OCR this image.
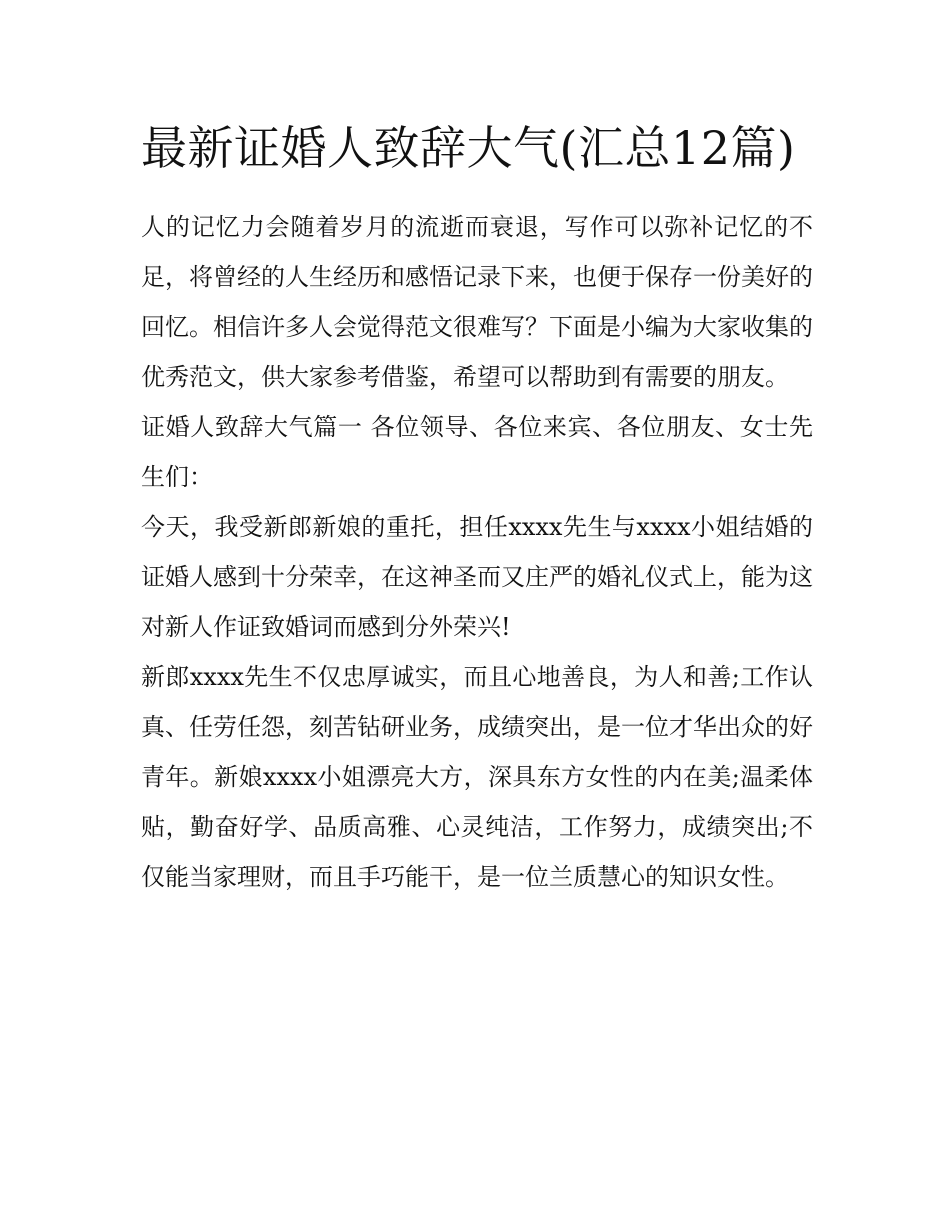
最新证婚人致辞大气(汇总12篇)

人的记忆力会随着岁月的流逝而衰退，写作可以弥补记忆的不足，将曾经的人生经历和感悟记录下来，也便于保存一份美好的回忆。相信许多人会觉得范文很难写？下面是小编为大家收集的优秀范文，供大家参考借鉴，希望可以帮助到有需要的朋友。

证婚人致辞大气篇一 各位领导、各位来宾、各位朋友、女士先生们：

今天，我受新郎新娘的重托，担任xxxx先生与xxxx小姐结婚的证婚人感到十分荣幸，在这神圣而又庄严的婚礼仪式上，能为这对新人作证致婚词而感到分外荣兴!

新郎xxxx先生不仅忠厚诚实，而且心地善良，为人和善;工作认真、任劳任怨，刻苦钻研业务，成绩突出，是一位才华出众的好青年。新娘xxxx小姐漂亮大方，深具东方女性的内在美;温柔体贴，勤奋好学、品质高雅、心灵纯洁，工作努力，成绩突出;不仅能当家理财，而且手巧能干，是一位兰质慧心的知识女性。
